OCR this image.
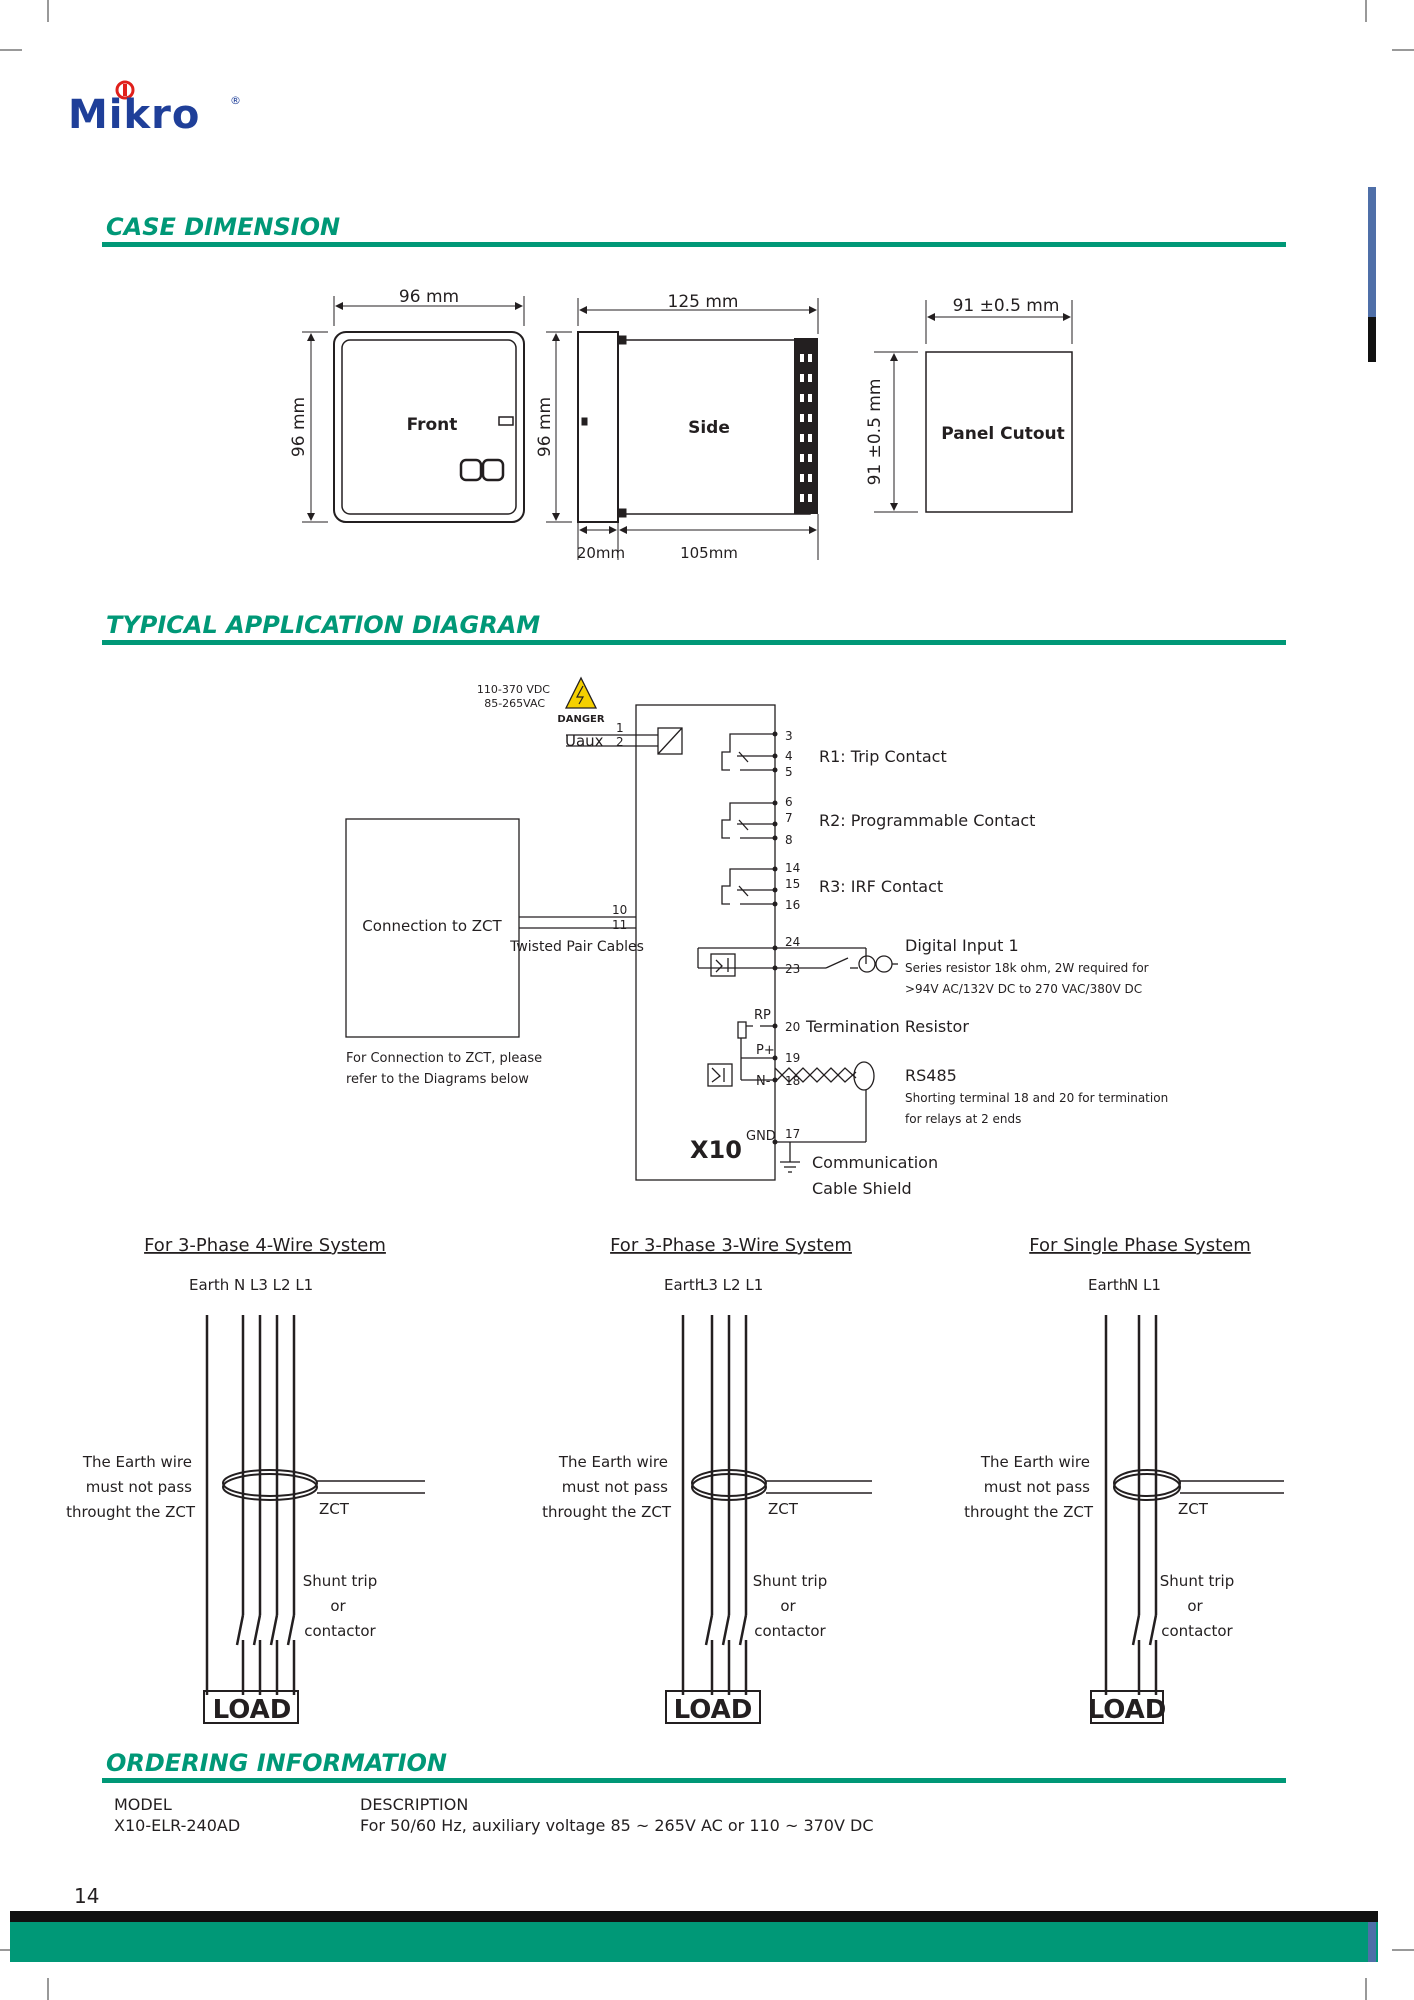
Mikro	®
CASE DIMENSION
96 mm
96 mm	Front
125 mm
96 mm	Side
20mm	105mm
91 ±0.5 mm
91 ±0.5 mm	Panel Cutout
TYPICAL APPLICATION DIAGRAM
110-370 VDC
85-265VAC
DANGER
Uaux
1
2	3
4
5
6
7
8
14
15
16
R1: Trip Contact
R2: Programmable Contact
R3: IRF Contact
Connection to ZCT
10
11
Twisted Pair Cables
For Connection to ZCT, please
refer to the Diagrams below
24
23
Digital Input 1
Series resistor 18k ohm, 2W required for
>94V AC/132V DC to 270 VAC/380V DC
RP
20 Termination Resistor
P+ 19
N- 18	RS485
Shorting terminal 18 and 20 for termination
for relays at 2 ends
GND 17
X10	Communication
Cable Shield
For 3-Phase 4-Wire System	For 3-Phase 3-Wire System	For Single Phase System
Earth N L3 L2 L1	Earth
L3 L2 L1	Earth
N L1
The Earth wire
must not pass
throught the ZCT	ZCT
Shunt trip
or
contactor
LOAD
The Earth wire
must not pass
throught the ZCT	ZCT
Shunt trip
or
contactor
LOAD
The Earth wire
must not pass
throught the ZCT	ZCT
Shunt trip
or
contactor
LOAD
ORDERING INFORMATION
MODEL	DESCRIPTION
X10-ELR-240AD	For 50/60 Hz, auxiliary voltage 85 ~ 265V AC or 110 ~ 370V DC
14
